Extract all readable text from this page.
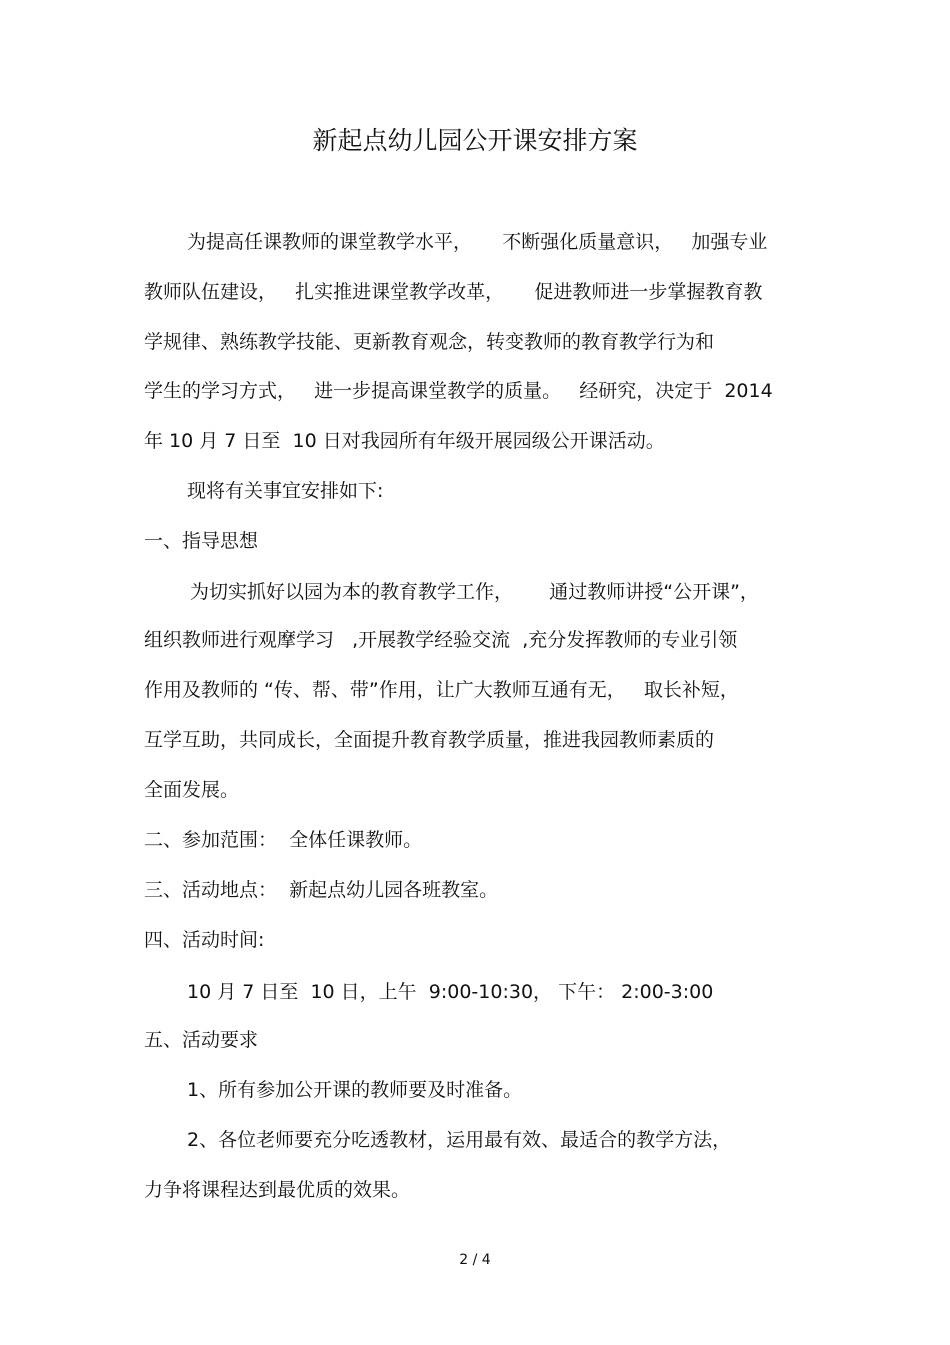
新起点幼儿园公开课安排方案
为提高任课教师的课堂教学水平，     不断强化质量意识，   加强专业
教师队伍建设，   扎实推进课堂教学改革，     促进教师进一步掌握教育教
学规律、熟练教学技能、更新教育观念，转变教师的教育教学行为和
学生的学习方式，   进一步提高课堂教学的质量。   经研究，决定于  2014
年 10 月 7 日至  10 日对我园所有年级开展园级公开课活动。
现将有关事宜安排如下:
一、指导思想
为切实抓好以园为本的教育教学工作，      通过教师讲授“公开课”，
组织教师进行观摩学习   ,开展教学经验交流  ,充分发挥教师的专业引领
作用及教师的 “传、帮、带”作用，让广大教师互通有无，   取长补短，
互学互助，共同成长，全面提升教育教学质量，推进我园教师素质的
全面发展。
二、参加范围：  全体任课教师。
三、活动地点：  新起点幼儿园各班教室。
四、活动时间:
10 月 7 日至  10 日，上午  9:00-10:30， 下午： 2:00-3:00
五、活动要求
1、所有参加公开课的教师要及时准备。
2、各位老师要充分吃透教材，运用最有效、最适合的教学方法，
力争将课程达到最优质的效果。
2 / 4
